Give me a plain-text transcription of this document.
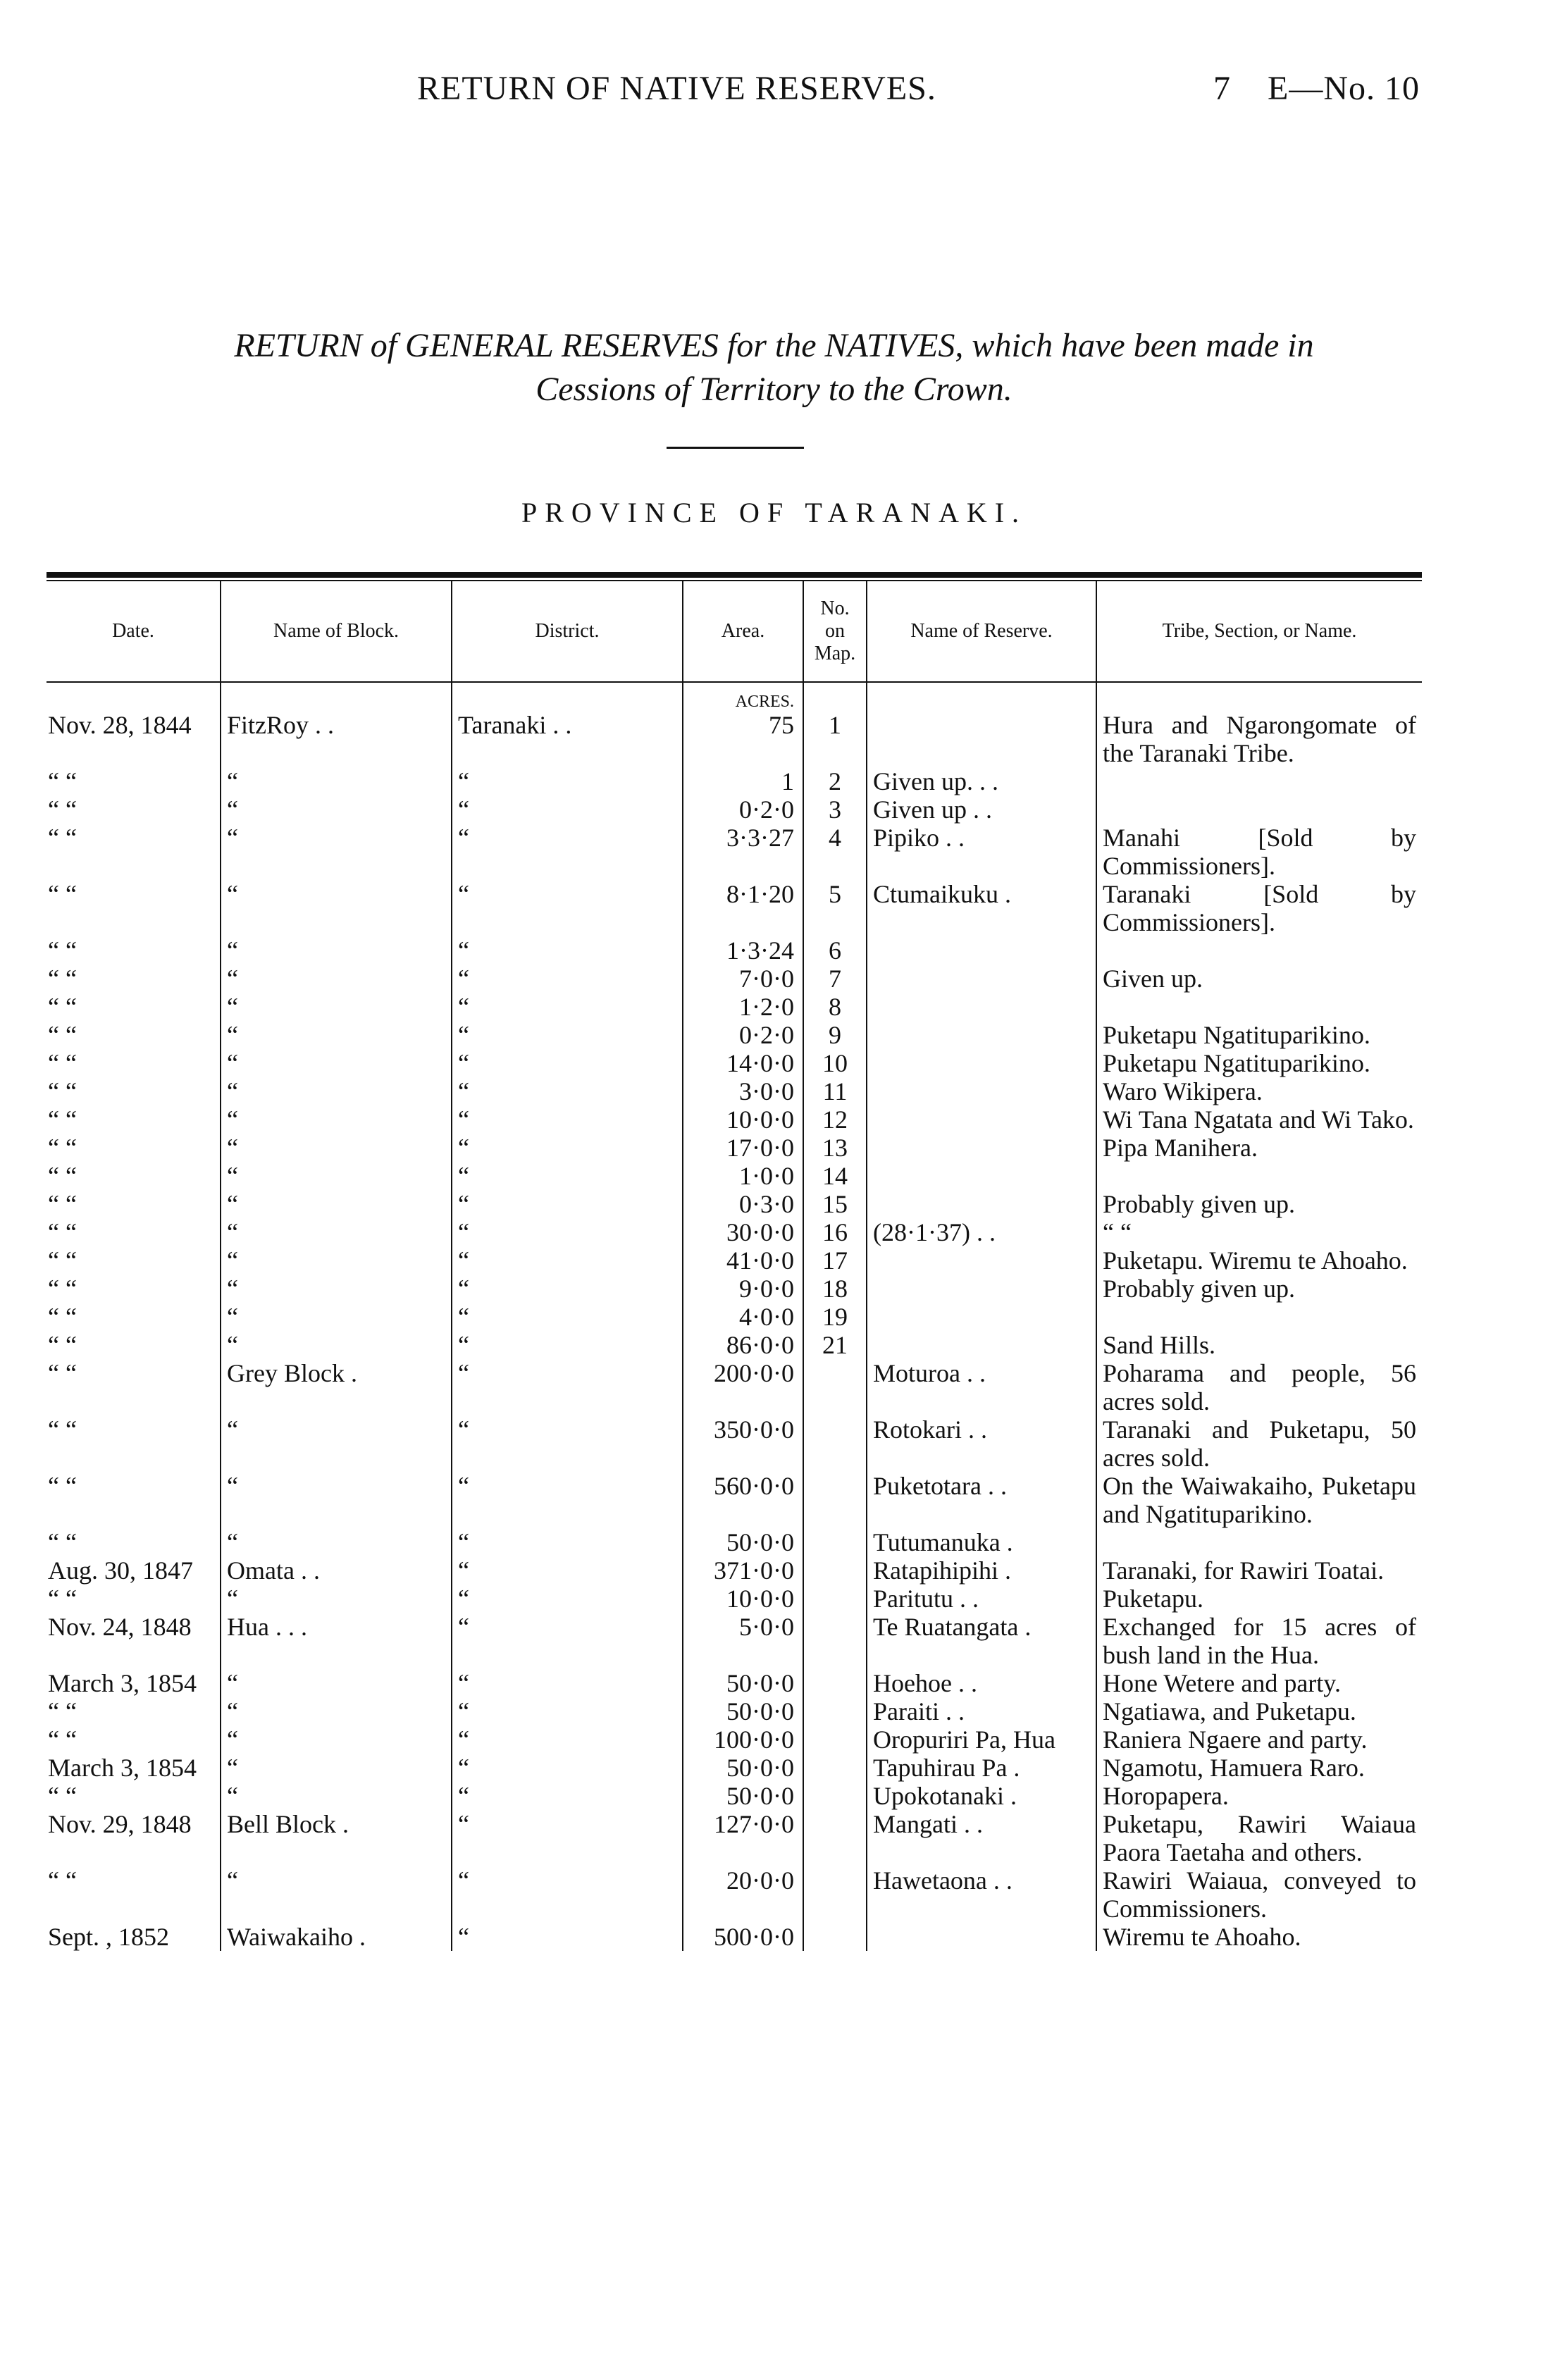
RETURN OF NATIVE RESERVES.	7 E—No. 10
RETURN of GENERAL RESERVES for the NATIVES, which have been made in
Cessions of Territory to the Crown.
PROVINCE OF TARANAKI.
Date.	Name of Block.	District.	Area.	No. on Map.	Name of Reserve.	Tribe, Section, or Name.
			ACRES.			
Nov. 28, 1844	FitzRoy . .	Taranaki . .	75	1		Hura and Ngarongomate of the Taranaki Tribe.
“ “	“	“	1	2	Given up. . .	
“ “	“	“	0·2·0	3	Given up . .	
“ “	“	“	3·3·27	4	Pipiko . .	Manahi [Sold by Commissioners].
“ “	“	“	8·1·20	5	Ctumaikuku .	Taranaki [Sold by Commissioners].
“ “	“	“	1·3·24	6		
“ “	“	“	7·0·0	7		Given up.
“ “	“	“	1·2·0	8		
“ “	“	“	0·2·0	9		Puketapu Ngatituparikino.
“ “	“	“	14·0·0	10		Puketapu Ngatituparikino.
“ “	“	“	3·0·0	11		Waro Wikipera.
“ “	“	“	10·0·0	12		Wi Tana Ngatata and Wi Tako.
“ “	“	“	17·0·0	13		Pipa Manihera.
“ “	“	“	1·0·0	14		
“ “	“	“	0·3·0	15		Probably given up.
“ “	“	“	30·0·0	16	(28·1·37) . .	“ “
“ “	“	“	41·0·0	17		Puketapu. Wiremu te Ahoaho.
“ “	“	“	9·0·0	18		Probably given up.
“ “	“	“	4·0·0	19		
“ “	“	“	86·0·0	21		Sand Hills.
“ “	Grey Block .	“	200·0·0		Moturoa . .	Poharama and people, 56 acres sold.
“ “	“	“	350·0·0		Rotokari . .	Taranaki and Puketapu, 50 acres sold.
“ “	“	“	560·0·0		Puketotara . .	On the Waiwakaiho, Puketapu and Ngatituparikino.
“ “	“	“	50·0·0		Tutumanuka .	
Aug. 30, 1847	Omata . .	“	371·0·0		Ratapihipihi .	Taranaki, for Rawiri Toatai.
“ “	“	“	10·0·0		Paritutu . .	Puketapu.
Nov. 24, 1848	Hua . . .	“	5·0·0		Te Ruatangata .	Exchanged for 15 acres of bush land in the Hua.
March 3, 1854	“	“	50·0·0		Hoehoe . .	Hone Wetere and party.
“ “	“	“	50·0·0		Paraiti . .	Ngatiawa, and Puketapu.
“ “	“	“	100·0·0		Oropuriri Pa, Hua	Raniera Ngaere and party.
March 3, 1854	“	“	50·0·0		Tapuhirau Pa .	Ngamotu, Hamuera Raro.
“ “	“	“	50·0·0		Upokotanaki .	Horopapera.
Nov. 29, 1848	Bell Block .	“	127·0·0		Mangati . .	Puketapu, Rawiri Waiaua Paora Taetaha and others.
“ “	“	“	20·0·0		Hawetaona . .	Rawiri Waiaua, conveyed to Commissioners.
Sept. , 1852	Waiwakaiho .	“	500·0·0			Wiremu te Ahoaho.
